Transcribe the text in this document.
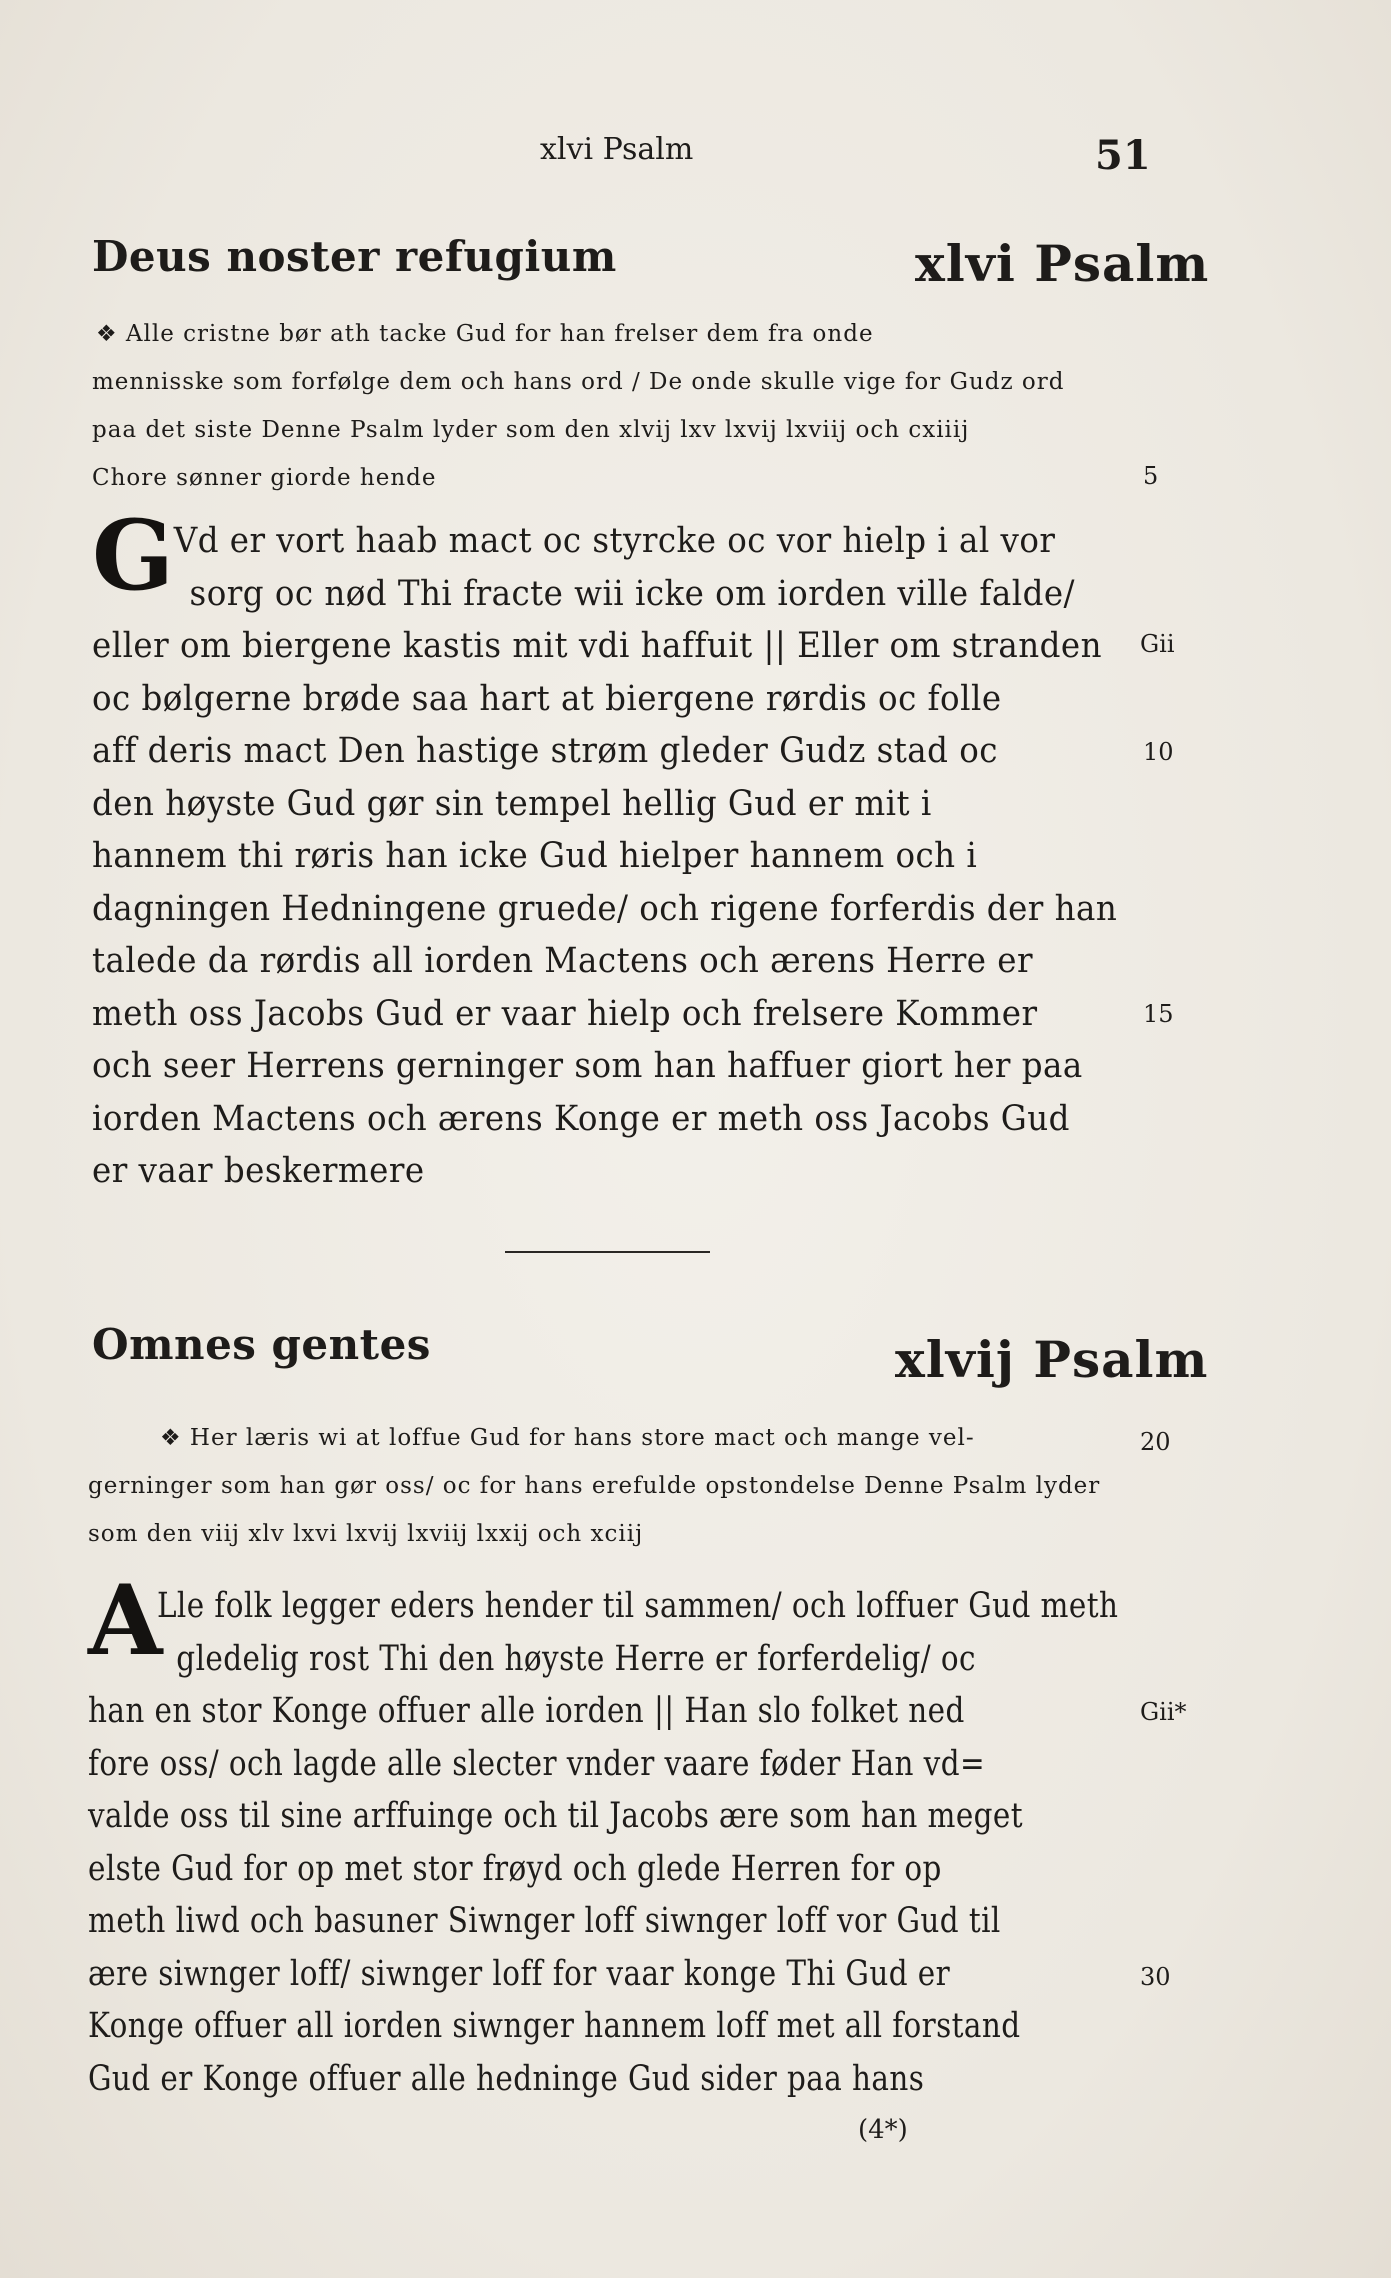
xlvi Psalm	51
Deus noster refugium	xlvi Psalm
❖ Alle cristne bør ath tacke Gud for han frelser dem fra onde
mennisske som forfølge dem och hans ord / De onde skulle vige for Gudz ord
paa det siste Denne Psalm lyder som den xlvij lxv lxvij lxviij och cxiiij
Chore sønner giorde hende
G Vd er vort haab mact oc styrcke oc vor hielp i al vor
sorg oc nød Thi fracte wii icke om iorden ville falde/
eller om biergene kastis mit vdi haffuit || Eller om stranden
oc bølgerne brøde saa hart at biergene rørdis oc folle
aff deris mact Den hastige strøm gleder Gudz stad oc
den høyste Gud gør sin tempel hellig Gud er mit i
hannem thi røris han icke Gud hielper hannem och i
dagningen Hedningene gruede/ och rigene forferdis der han
talede da rørdis all iorden Mactens och ærens Herre er
meth oss Jacobs Gud er vaar hielp och frelsere Kommer
och seer Herrens gerninger som han haffuer giort her paa
iorden Mactens och ærens Konge er meth oss Jacobs Gud
er vaar beskermere
Omnes gentes	xlvij Psalm
❖ Her læris wi at loffue Gud for hans store mact och mange vel-
gerninger som han gør oss/ oc for hans erefulde opstondelse Denne Psalm lyder
som den viij xlv lxvi lxvij lxviij lxxij och xciij
A
Lle folk legger eders hender til sammen/ och loffuer Gud meth
gledelig rost Thi den høyste Herre er forferdelig/ oc
han en stor Konge offuer alle iorden || Han slo folket ned
fore oss/ och lagde alle slecter vnder vaare føder Han vd=
valde oss til sine arffuinge och til Jacobs ære som han meget
elste Gud for op met stor frøyd och glede Herren for op
meth liwd och basuner Siwnger loff siwnger loff vor Gud til
ære siwnger loff/ siwnger loff for vaar konge Thi Gud er
Konge offuer all iorden siwnger hannem loff met all forstand
Gud er Konge offuer alle hedninge Gud sider paa hans
5
Gii
10
15
20
Gii*
30
(4*)
